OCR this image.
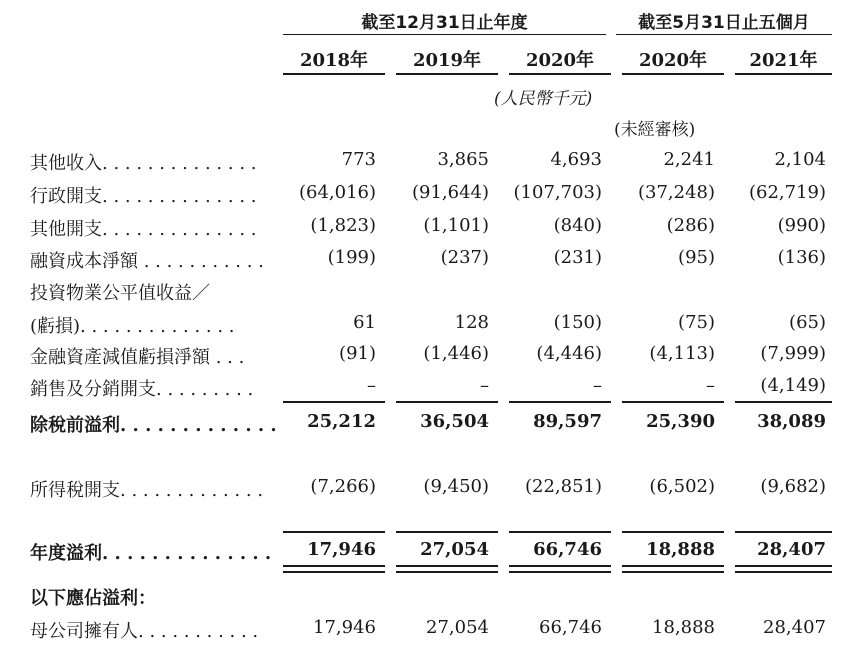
截至12月31日止年度	截至5月31日止五個月
2018年	2019年	2020年	2020年	2021年
(人民幣千元)
(未經審核)
其他收入. . . . . . . . . . . . . .	773	3,865	4,693	2,241	2,104
行政開支. . . . . . . . . . . . . .	(64,016)	(91,644)	(107,703)	(37,248)	(62,719)
其他開支. . . . . . . . . . . . . .	(1,823)	(1,101)	(840)	(286)	(990)
融資成本淨額 . . . . . . . . . . .	(199)	(237)	(231)	(95)	(136)
投資物業公平值收益／
(虧損). . . . . . . . . . . . . .	61	128	(150)	(75)	(65)
金融資產減值虧損淨額 . . .	(91)	(1,446)	(4,446)	(4,113)	(7,999)
銷售及分銷開支. . . . . . . . .	–	–	–	–	(4,149)
除稅前溢利. . . . . . . . . . . . .	25,212	36,504	89,597	25,390	38,089
所得稅開支. . . . . . . . . . . . .	(7,266)	(9,450)	(22,851)	(6,502)	(9,682)
年度溢利. . . . . . . . . . . . . .	17,946	27,054	66,746	18,888	28,407
以下應佔溢利：
母公司擁有人. . . . . . . . . . .	17,946	27,054	66,746	18,888	28,407
